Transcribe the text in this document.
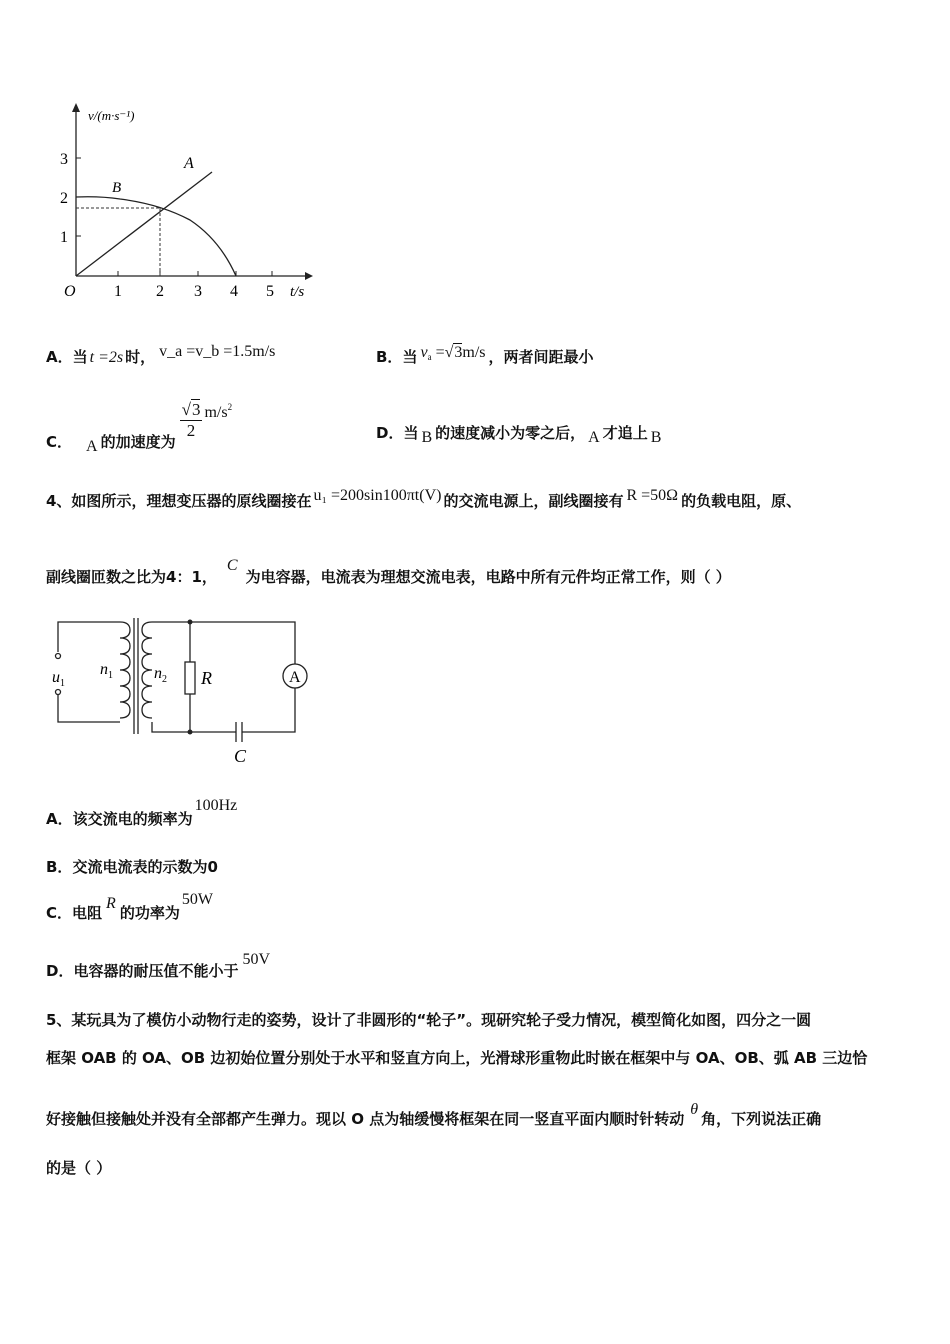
v/(m·s⁻¹)
t/s
O 1 2 3 4 5
1
2
3	A
B
A．当 t =2s 时， v_a =v_b =1.5m/s	B．当 $v_a =√3m/s$ ，两者间距最小
C． A 的加速度为
$\frac{√3}{2} m/s^2$
D．当 B 的速度减小为零之后， A 才追上 B
4、如图所示，理想变压器的原线圈接在 u₁ =200sin100πt(V) 的交流电源上，副线圈接有 R =50Ω 的负载电阻，原、
副线圈匝数之比为4：1，C为电容器，电流表为理想交流电表，电路中所有元件均正常工作，则（ ）
$u_1$
$n_1$	$n_2$ R
C
A
A．该交流电的频率为100Hz
B．交流电流表的示数为0
C．电阻R的功率为50W
D．电容器的耐压值不能小于50V
5、某玩具为了模仿小动物行走的姿势，设计了非圆形的“轮子”。现研究轮子受力情况，模型简化如图，四分之一圆
框架 OAB 的 OA、OB 边初始位置分别处于水平和竖直方向上，光滑球形重物此时嵌在框架中与 OA、OB、弧 AB 三边恰
好接触但接触处并没有全部都产生弹力。现以 O 点为轴缓慢将框架在同一竖直平面内顺时针转动θ角，下列说法正确
的是（ ）
